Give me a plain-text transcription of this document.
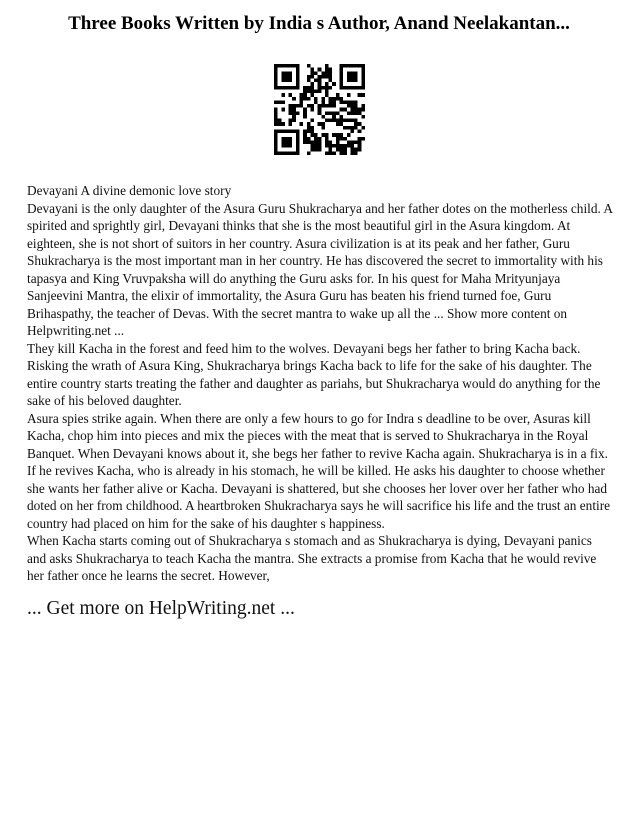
Three Books Written by India s Author, Anand Neelakantan...

Devayani A divine demonic love story

Devayani is the only daughter of the Asura Guru Shukracharya and her father dotes on the motherless child. A spirited and sprightly girl, Devayani thinks that she is the most beautiful girl in the Asura kingdom. At eighteen, she is not short of suitors in her country. Asura civilization is at its peak and her father, Guru Shukracharya is the most important man in her country. He has discovered the secret to immortality with his tapasya and King Vruvpaksha will do anything the Guru asks for. In his quest for Maha Mrityunjaya Sanjeevini Mantra, the elixir of immortality, the Asura Guru has beaten his friend turned foe, Guru Brihaspathy, the teacher of Devas. With the secret mantra to wake up all the ... Show more content on Helpwriting.net ...

They kill Kacha in the forest and feed him to the wolves. Devayani begs her father to bring Kacha back. Risking the wrath of Asura King, Shukracharya brings Kacha back to life for the sake of his daughter. The entire country starts treating the father and daughter as pariahs, but Shukracharya would do anything for the sake of his beloved daughter.

Asura spies strike again. When there are only a few hours to go for Indra s deadline to be over, Asuras kill Kacha, chop him into pieces and mix the pieces with the meat that is served to Shukracharya in the Royal Banquet. When Devayani knows about it, she begs her father to revive Kacha again. Shukracharya is in a fix. If he revives Kacha, who is already in his stomach, he will be killed. He asks his daughter to choose whether she wants her father alive or Kacha. Devayani is shattered, but she chooses her lover over her father who had doted on her from childhood. A heartbroken Shukracharya says he will sacrifice his life and the trust an entire country had placed on him for the sake of his daughter s happiness.

When Kacha starts coming out of Shukracharya s stomach and as Shukracharya is dying, Devayani panics and asks Shukracharya to teach Kacha the mantra. She extracts a promise from Kacha that he would revive her father once he learns the secret. However,

... Get more on HelpWriting.net ...
